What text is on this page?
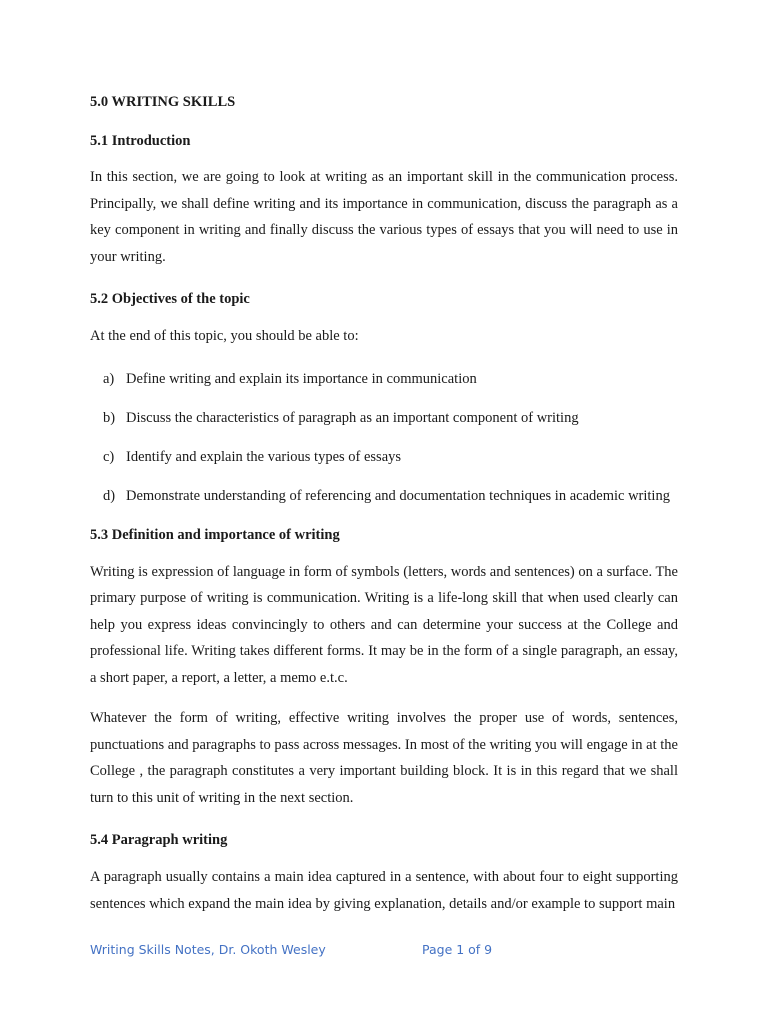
5.0 WRITING SKILLS
5.1 Introduction

In this section, we are going to look at writing as an important skill in the communication process. Principally, we shall define writing and its importance in communication, discuss the paragraph as a key component in writing and finally discuss the various types of essays that you will need to use in your writing.

5.2 Objectives of the topic

At the end of this topic, you should be able to:

a) Define writing and explain its importance in communication
b) Discuss the characteristics of paragraph as an important component of writing
c) Identify and explain the various types of essays
d) Demonstrate understanding of referencing and documentation techniques in academic writing
5.3 Definition and importance of writing

Writing is expression of language in form of symbols (letters, words and sentences) on a surface. The primary purpose of writing is communication. Writing is a life-long skill that when used clearly can help you express ideas convincingly to others and can determine your success at the College and professional life. Writing takes different forms. It may be in the form of a single paragraph, an essay, a short paper, a report, a letter, a memo e.t.c.

Whatever the form of writing, effective writing involves the proper use of words, sentences, punctuations and paragraphs to pass across messages. In most of the writing you will engage in at the College , the paragraph constitutes a very important building block. It is in this regard that we shall turn to this unit of writing in the next section.

5.4 Paragraph writing

A paragraph usually contains a main idea captured in a sentence, with about four to eight supporting sentences which expand the main idea by giving explanation, details and/or example to support main

Writing Skills Notes, Dr. Okoth Wesley	Page 1 of 9
